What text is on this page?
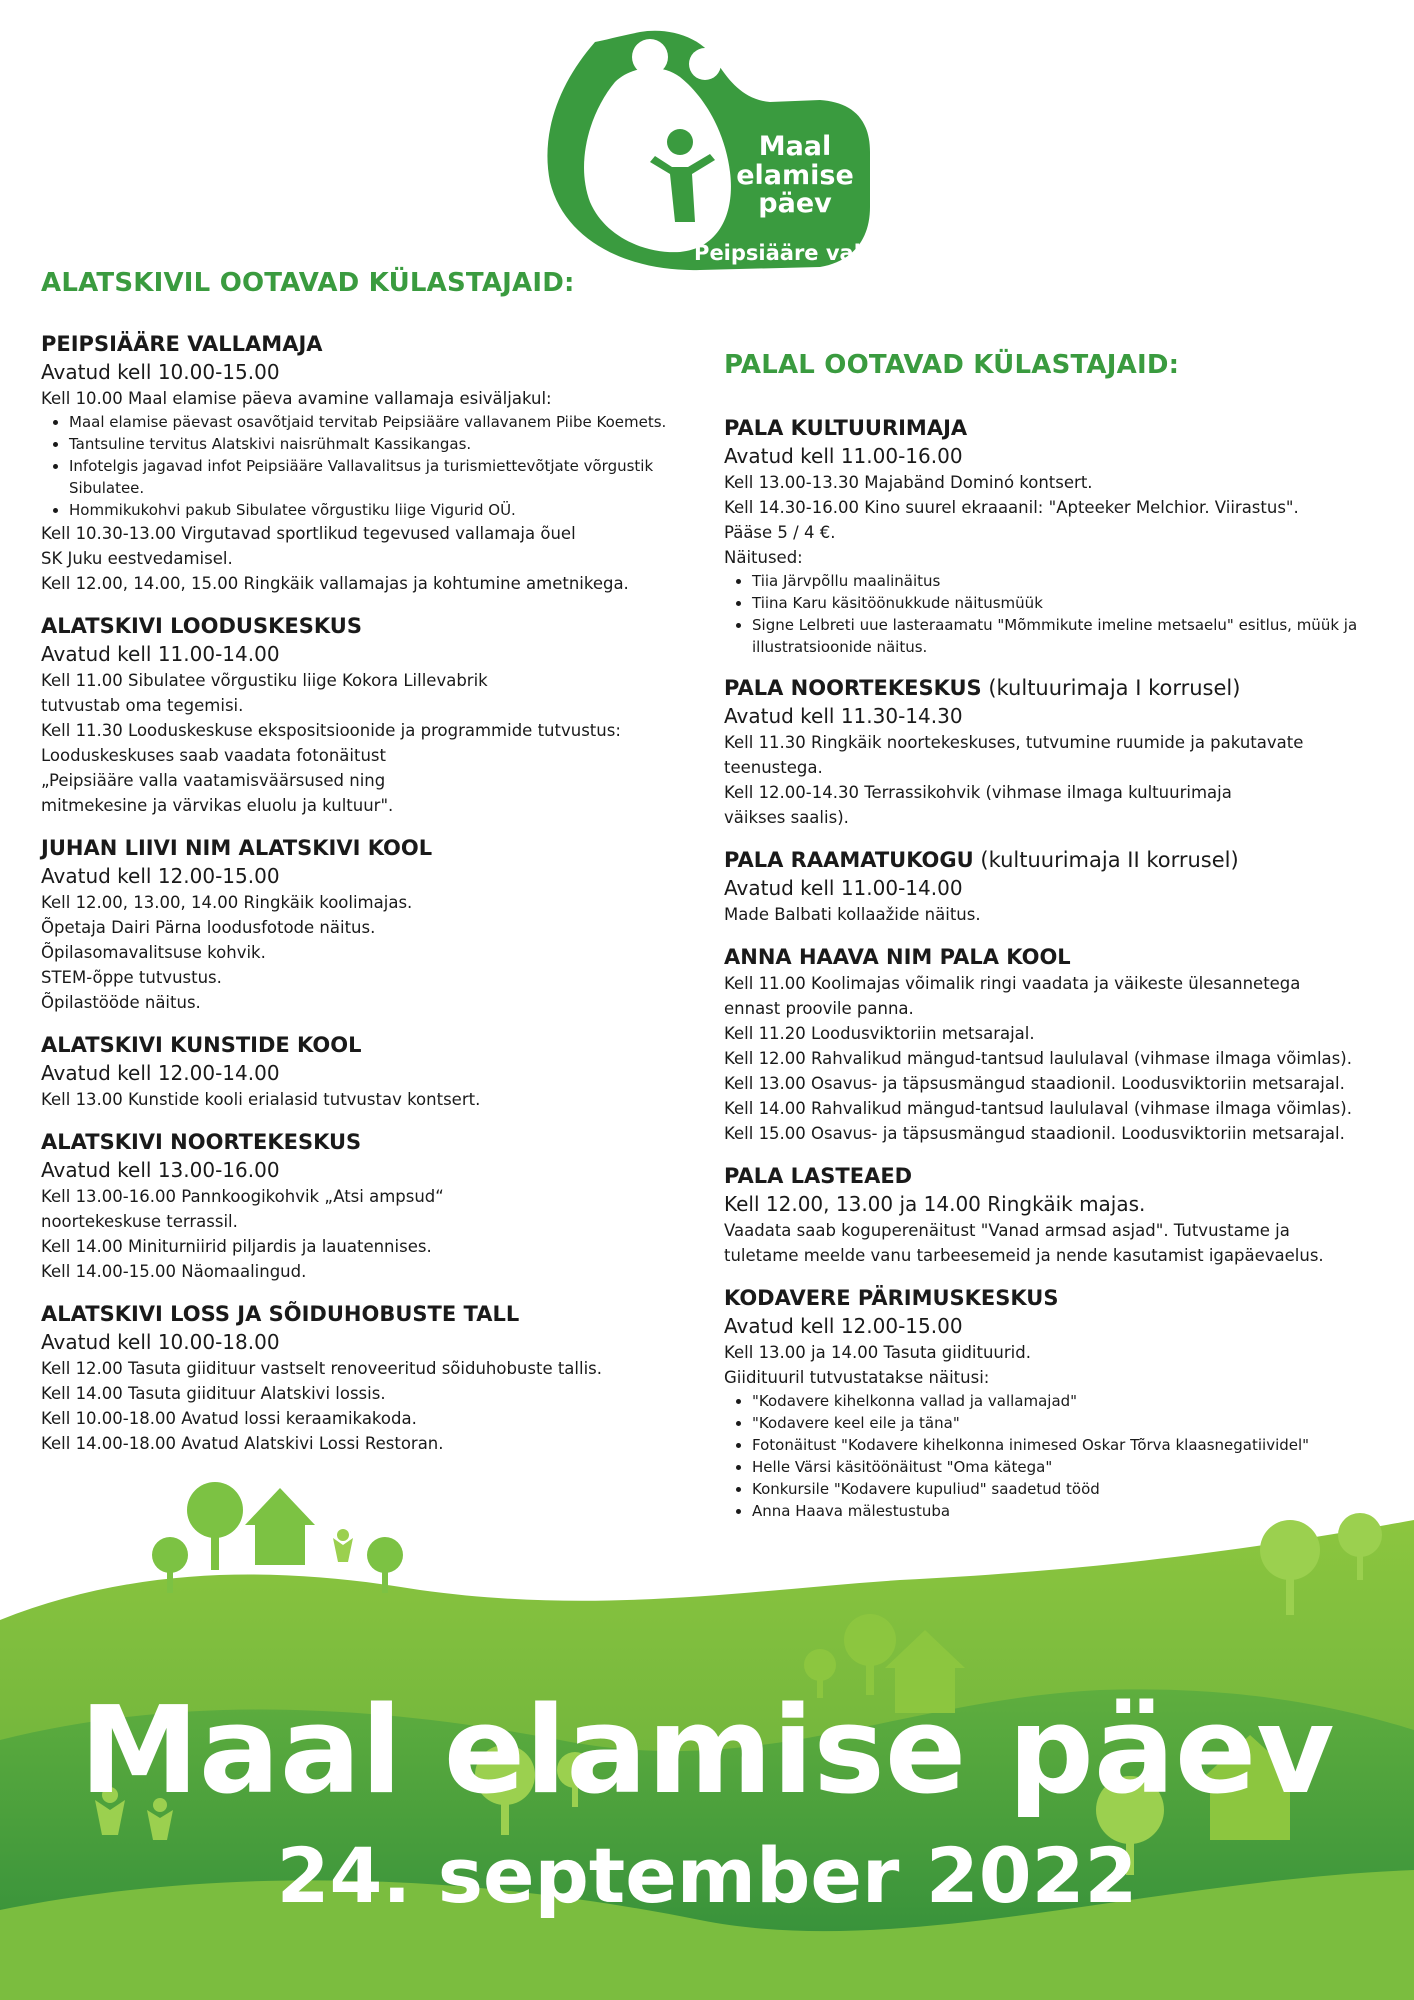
Maal
elamise
päev
Peipsiääre vald
ALATSKIVIL OOTAVAD KÜLASTAJAID:

PEIPSIÄÄRE VALLAMAJA

Avatud kell 10.00-15.00

Kell 10.00 Maal elamise päeva avamine vallamaja esiväljakul:

• Maal elamise päevast osavõtjaid tervitab Peipsiääre vallavanem Piibe Koemets.
• Tantsuline tervitus Alatskivi naisrühmalt Kassikangas.
• Infotelgis jagavad infot Peipsiääre Vallavalitsus ja turismiettevõtjate võrgustik Sibulatee.
• Hommikukohvi pakub Sibulatee võrgustiku liige Vigurid OÜ.

Kell 10.30-13.00 Virgutavad sportlikud tegevused vallamaja õuel

SK Juku eestvedamisel.

Kell 12.00, 14.00, 15.00 Ringkäik vallamajas ja kohtumine ametnikega.

ALATSKIVI LOODUSKESKUS

Avatud kell 11.00-14.00

Kell 11.00 Sibulatee võrgustiku liige Kokora Lillevabrik

tutvustab oma tegemisi.

Kell 11.30 Looduskeskuse ekspositsioonide ja programmide tutvustus:

Looduskeskuses saab vaadata fotonäitust

„Peipsiääre valla vaatamisväärsused ning

mitmekesine ja värvikas eluolu ja kultuur".

JUHAN LIIVI NIM ALATSKIVI KOOL

Avatud kell 12.00-15.00

Kell 12.00, 13.00, 14.00 Ringkäik koolimajas.

Õpetaja Dairi Pärna loodusfotode näitus.

Õpilasomavalitsuse kohvik.

STEM-õppe tutvustus.

Õpilastööde näitus.

ALATSKIVI KUNSTIDE KOOL

Avatud kell 12.00-14.00

Kell 13.00 Kunstide kooli erialasid tutvustav kontsert.

ALATSKIVI NOORTEKESKUS

Avatud kell 13.00-16.00

Kell 13.00-16.00 Pannkoogikohvik „Atsi ampsud“

noortekeskuse terrassil.

Kell 14.00 Miniturniirid piljardis ja lauatennises.

Kell 14.00-15.00 Näomaalingud.

ALATSKIVI LOSS JA SÕIDUHOBUSTE TALL

Avatud kell 10.00-18.00

Kell 12.00 Tasuta giidituur vastselt renoveeritud sõiduhobuste tallis.

Kell 14.00 Tasuta giidituur Alatskivi lossis.

Kell 10.00-18.00 Avatud lossi keraamikakoda.

Kell 14.00-18.00 Avatud Alatskivi Lossi Restoran.

PALAL OOTAVAD KÜLASTAJAID:

PALA KULTUURIMAJA

Avatud kell 11.00-16.00

Kell 13.00-13.30 Majabänd Dominó kontsert.

Kell 14.30-16.00 Kino suurel ekraaanil: "Apteeker Melchior. Viirastus".

Pääse 5 / 4 €.

Näitused:

• Tiia Järvpõllu maalinäitus
• Tiina Karu käsitöönukkude näitusmüük
• Signe Lelbreti uue lasteraamatu "Mõmmikute imeline metsaelu" esitlus, müük ja illustratsioonide näitus.

PALA NOORTEKESKUS (kultuurimaja I korrusel)

Avatud kell 11.30-14.30

Kell 11.30 Ringkäik noortekeskuses, tutvumine ruumide ja pakutavate

teenustega.

Kell 12.00-14.30 Terrassikohvik (vihmase ilmaga kultuurimaja

väikses saalis).

PALA RAAMATUKOGU (kultuurimaja II korrusel)

Avatud kell 11.00-14.00

Made Balbati kollaažide näitus.

ANNA HAAVA NIM PALA KOOL

Kell 11.00 Koolimajas võimalik ringi vaadata ja väikeste ülesannetega

ennast proovile panna.

Kell 11.20 Loodusviktoriin metsarajal.

Kell 12.00 Rahvalikud mängud-tantsud laululaval (vihmase ilmaga võimlas).

Kell 13.00 Osavus- ja täpsusmängud staadionil. Loodusviktoriin metsarajal.

Kell 14.00 Rahvalikud mängud-tantsud laululaval (vihmase ilmaga võimlas).

Kell 15.00 Osavus- ja täpsusmängud staadionil. Loodusviktoriin metsarajal.

PALA LASTEAED

Kell 12.00, 13.00 ja 14.00 Ringkäik majas.

Vaadata saab koguperenäitust "Vanad armsad asjad". Tutvustame ja

tuletame meelde vanu tarbeesemeid ja nende kasutamist igapäevaelus.

KODAVERE PÄRIMUSKESKUS

Avatud kell 12.00-15.00

Kell 13.00 ja 14.00 Tasuta giidituurid.

Giidituuril tutvustatakse näitusi:

• "Kodavere kihelkonna vallad ja vallamajad"
• "Kodavere keel eile ja täna"
• Fotonäitust "Kodavere kihelkonna inimesed Oskar Tõrva klaasnegatiividel"
• Helle Värsi käsitöönäitust "Oma kätega"
• Konkursile "Kodavere kupuliud" saadetud tööd
• Anna Haava mälestustuba
Maal elamise päev
24. september 2022
